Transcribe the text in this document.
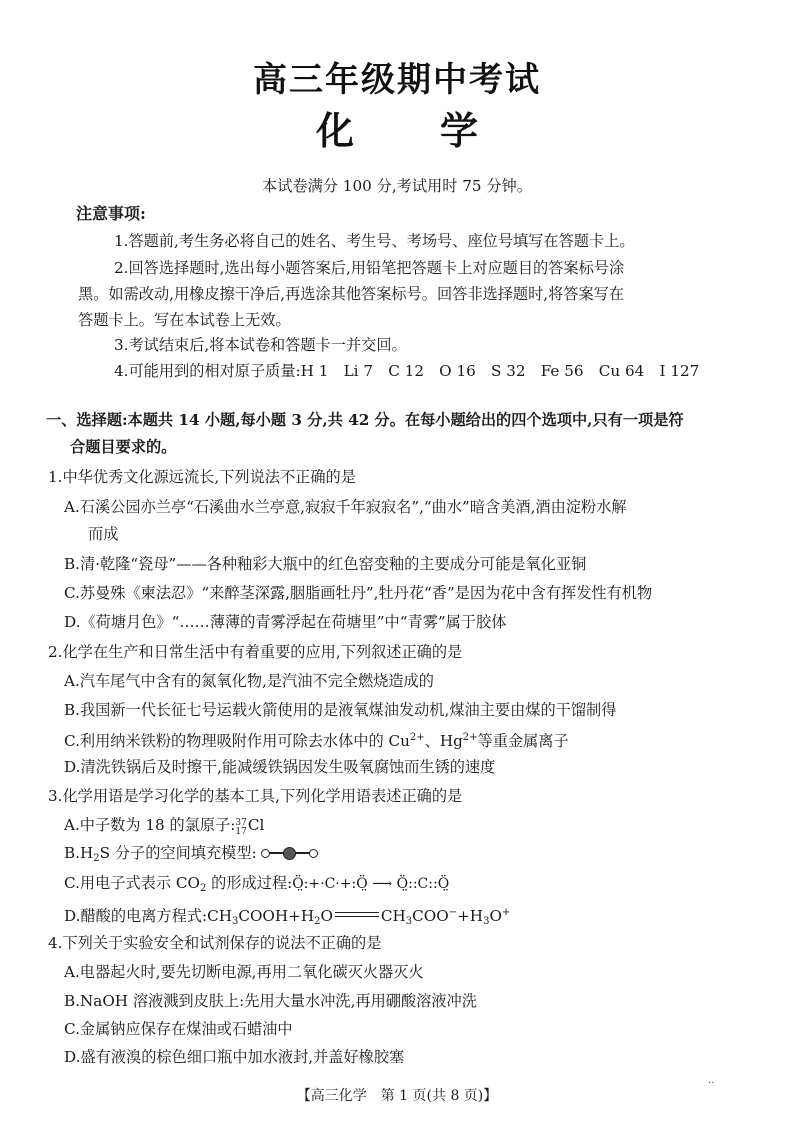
高三年级期中考试
化 学
本试卷满分 100 分,考试用时 75 分钟。
注意事项:
1.答题前,考生务必将自己的姓名、考生号、考场号、座位号填写在答题卡上。
2.回答选择题时,选出每小题答案后,用铅笔把答题卡上对应题目的答案标号涂
黑。如需改动,用橡皮擦干净后,再选涂其他答案标号。回答非选择题时,将答案写在
答题卡上。写在本试卷上无效。
3.考试结束后,将本试卷和答题卡一并交回。
4.可能用到的相对原子质量:H 1　Li 7　C 12　O 16　S 32　Fe 56　Cu 64　I 127
一、选择题:本题共 14 小题,每小题 3 分,共 42 分。在每小题给出的四个选项中,只有一项是符
合题目要求的。
1.中华优秀文化源远流长,下列说法不正确的是
A.石溪公园亦兰亭“石溪曲水兰亭意,寂寂千年寂寂名”,“曲水”暗含美酒,酒由淀粉水解
而成
B.清·乾隆“瓷母”——各种釉彩大瓶中的红色窑变釉的主要成分可能是氧化亚铜
C.苏曼殊《柬法忍》“来醉茎深露,胭脂画牡丹”,牡丹花“香”是因为花中含有挥发性有机物
D.《荷塘月色》“……薄薄的青雾浮起在荷塘里”中“青雾”属于胶体
2.化学在生产和日常生活中有着重要的应用,下列叙述正确的是
A.汽车尾气中含有的氮氧化物,是汽油不完全燃烧造成的
B.我国新一代长征七号运载火箭使用的是液氧煤油发动机,煤油主要由煤的干馏制得
C.利用纳米铁粉的物理吸附作用可除去水体中的 $Cu^{2+}$、$Hg^{2+}$等重金属离子
D.清洗铁锅后及时擦干,能减缓铁锅因发生吸氧腐蚀而生锈的速度
3.化学用语是学习化学的基本工具,下列化学用语表述正确的是
A.中子数为 18 的氯原子: 37
17 Cl
$B.H_2S$ 分子的空间填充模型:
C.用电子式表示 $CO_2$ 的形成过程:Ö̤:+·C·+:Ö̤ ⟶ Ö̤::C::Ö̤
D.醋酸的电离方程式$:CH_3COOH+H_2O$	$CH_3COO^-+H_3O^+$
4.下列关于实验安全和试剂保存的说法不正确的是
A.电器起火时,要先切断电源,再用二氧化碳灭火器灭火
B.NaOH 溶液溅到皮肤上:先用大量水冲洗,再用硼酸溶液冲洗
C.金属钠应保存在煤油或石蜡油中
D.盛有液溴的棕色细口瓶中加水液封,并盖好橡胶塞
··
【高三化学　第 1 页(共 8 页)】
